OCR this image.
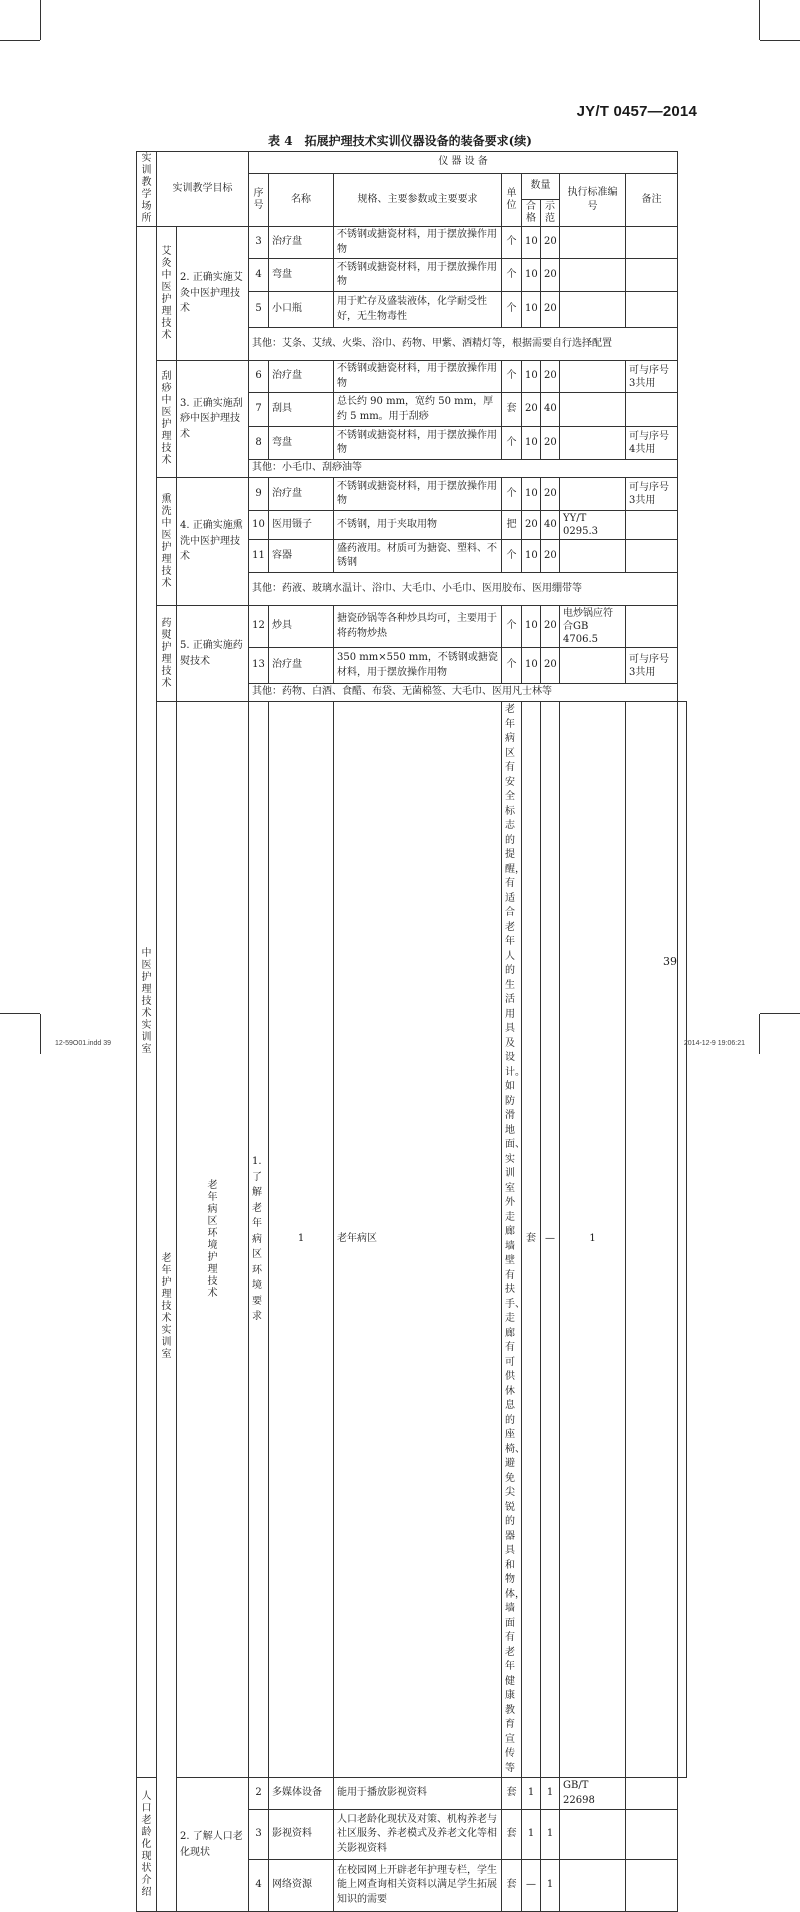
JY/T 0457—2014
表 4　拓展护理技术实训仪器设备的装备要求(续)
实训教学场所	实训教学目标		仪 器 设 备								

			序号	名称	规格、主要参数或主要要求	单位	数量		执行标准编号	备注	

							合格	示范			

中医护理技术实训室	艾灸中医护理技术	2. 正确实施艾灸中医护理技术	3	治疗盘	不锈钢或搪瓷材料，用于摆放操作用物	个	10	20			
			4	弯盘	不锈钢或搪瓷材料，用于摆放操作用物	个	10	20			
			5	小口瓶	用于贮存及盛装液体，化学耐受性好，无生物毒性	个	10	20			
			其他：艾条、艾绒、火柴、浴巾、药物、甲紫、酒精灯等，根据需要自行选择配置								

	刮痧中医护理技术	3. 正确实施刮痧中医护理技术	6	治疗盘	不锈钢或搪瓷材料，用于摆放操作用物	个	10	20		可与序号3共用	
			7	刮具	总长约 90 mm，宽约 50 mm，厚约 5 mm。用于刮痧	套	20	40			
			8	弯盘	不锈钢或搪瓷材料，用于摆放操作用物	个	10	20		可与序号4共用	
			其他：小毛巾、刮痧油等								

	熏洗中医护理技术	4. 正确实施熏洗中医护理技术	9	治疗盘	不锈钢或搪瓷材料，用于摆放操作用物	个	10	20		可与序号3共用	
			10	医用镊子	不锈钢，用于夹取用物	把	20	40	YY/T 0295.3		
			11	容器	盛药液用。材质可为搪瓷、塑料、不锈钢	个	10	20			
			其他：药液、玻璃水温计、浴巾、大毛巾、小毛巾、医用胶布、医用绷带等								

	药熨护理技术	5. 正确实施药熨技术	12	炒具	搪瓷砂锅等各种炒具均可，主要用于将药物炒热	个	10	20	电炒锅应符合GB 4706.5		
			13	治疗盘	350 mm×550 mm，不锈钢或搪瓷材料，用于摆放操作用物	个	10	20		可与序号3共用	
			其他：药物、白酒、食醋、布袋、无菌棉签、大毛巾、医用凡士林等								

	老年护理技术实训室	老年病区环境护理技术	1. 了解老年病区环境要求	1	老年病区	老年病区有安全标志的提醒，有适合老年人的生活用具及设计。如防滑地面、实训室外走廊墙壁有扶手、走廊有可供休息的座椅、避免尖锐的器具和物体，墙面有老年健康教育宣传等	套	—	1		

人口老龄化现状介绍		2. 了解人口老化现状	2	多媒体设备	能用于播放影视资料	套	1	1	GB/T 22698		
			3	影视资料	人口老龄化现状及对策、机构养老与社区服务、养老模式及养老文化等相关影视资料	套	1	1			
			4	网络资源	在校园网上开辟老年护理专栏，学生能上网查询相关资料以满足学生拓展知识的需要	套	—	1			
39
12-59O01.indd 39	2014-12-9 19:06:21
